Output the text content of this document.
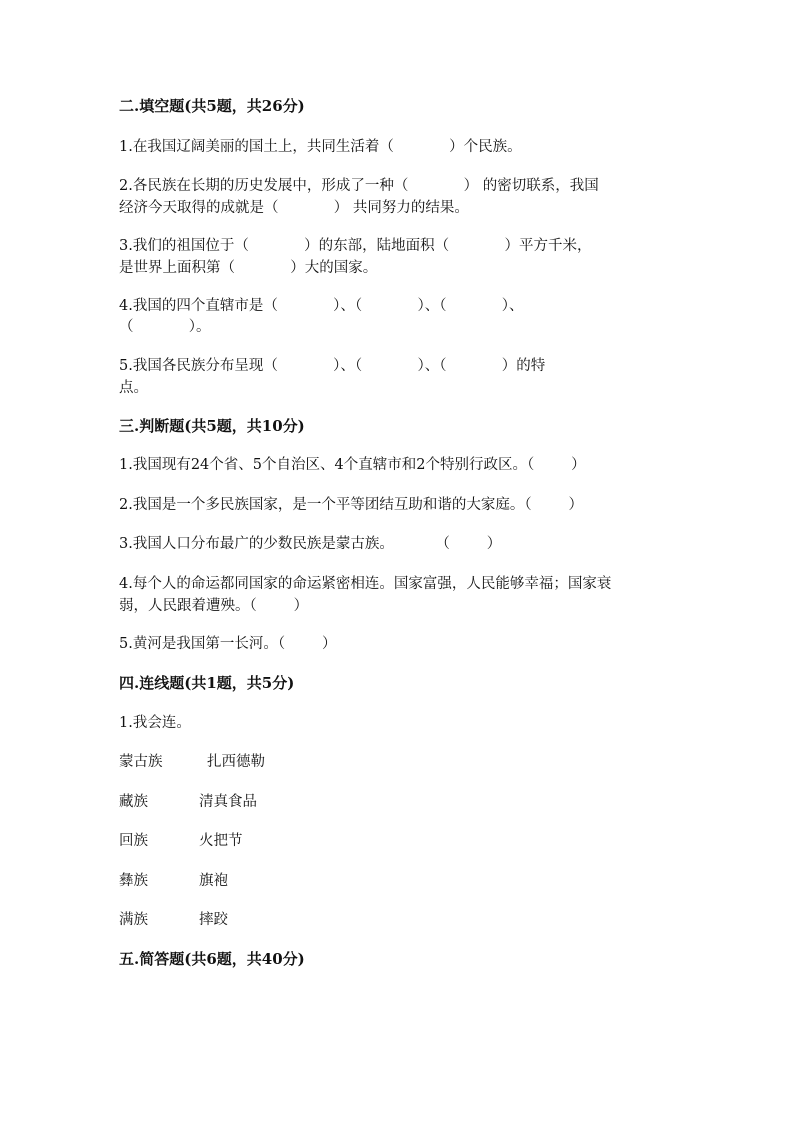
二.填空题(共5题，共26分)
1.在我国辽阔美丽的国土上，共同生活着（            ）个民族。
2.各民族在长期的历史发展中，形成了一种（            ） 的密切联系，我国
经济今天取得的成就是（            ） 共同努力的结果。
3.我们的祖国位于（            ）的东部，陆地面积（            ）平方千米，
是世界上面积第（            ）大的国家。
4.我国的四个直辖市是（            ）、（            ）、（            ）、
（            ）。
5.我国各民族分布呈现（            ）、（            ）、（            ）的特
点。
三.判断题(共5题，共10分)
1.我国现有24个省、5个自治区、4个直辖市和2个特别行政区。（        ）
2.我国是一个多民族国家，是一个平等团结互助和谐的大家庭。（        ）
3.我国人口分布最广的少数民族是蒙古族。         （        ）
4.每个人的命运都同国家的命运紧密相连。国家富强，人民能够幸福；国家衰
弱，人民跟着遭殃。（        ）
5.黄河是我国第一长河。（        ）
四.连线题(共1题，共5分)
1.我会连。
蒙古族	扎西德勒
藏族	清真食品
回族	火把节
彝族	旗袍
满族	摔跤
五.简答题(共6题，共40分)
